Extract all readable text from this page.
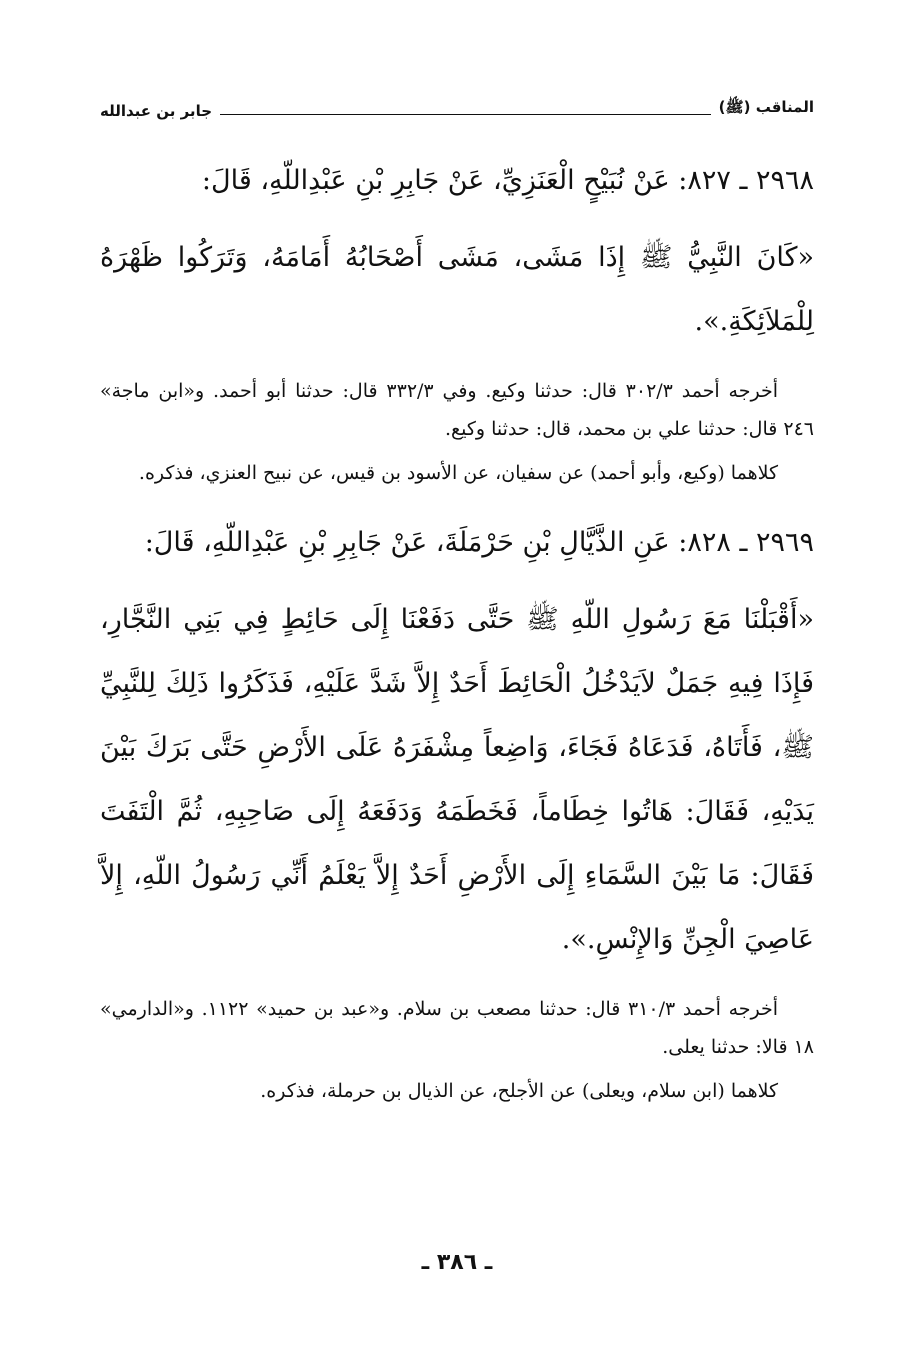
المناقب (ﷺ)
جابر بن عبدالله

٢٩٦٨ ـ ٨٢٧: عَنْ نُبَيْحٍ الْعَنَزِيِّ، عَنْ جَابِرِ بْنِ عَبْدِاللّهِ، قَالَ:

«كَانَ النَّبِيُّ ﷺ إِذَا مَشَى، مَشَى أَصْحَابُهُ أَمَامَهُ، وَتَرَكُوا ظَهْرَهُ لِلْمَلاَئِكَةِ.».

أخرجه أحمد ٣٠٢/٣ قال: حدثنا وكيع. وفي ٣٣٢/٣ قال: حدثنا أبو أحمد. و«ابن ماجة» ٢٤٦ قال: حدثنا علي بن محمد، قال: حدثنا وكيع.

كلاهما (وكيع، وأبو أحمد) عن سفيان، عن الأسود بن قيس، عن نبيح العنزي، فذكره.

٢٩٦٩ ـ ٨٢٨: عَنِ الذَّيَّالِ بْنِ حَرْمَلَةَ، عَنْ جَابِرِ بْنِ عَبْدِاللّهِ، قَالَ:

«أَقْبَلْنَا مَعَ رَسُولِ اللّهِ ﷺ حَتَّى دَفَعْنَا إِلَى حَائِطٍ فِي بَنِي النَّجَّارِ، فَإِذَا فِيهِ جَمَلٌ لاَيَدْخُلُ الْحَائِطَ أَحَدٌ إِلاَّ شَدَّ عَلَيْهِ، فَذَكَرُوا ذَلِكَ لِلنَّبِيِّ ﷺ، فَأَتَاهُ، فَدَعَاهُ فَجَاءَ، وَاضِعاً مِشْفَرَهُ عَلَى الأَرْضِ حَتَّى بَرَكَ بَيْنَ يَدَيْهِ، فَقَالَ: هَاتُوا خِطَاماً، فَخَطَمَهُ وَدَفَعَهُ إِلَى صَاحِبِهِ، ثُمَّ الْتَفَتَ فَقَالَ: مَا بَيْنَ السَّمَاءِ إِلَى الأَرْضِ أَحَدٌ إِلاَّ يَعْلَمُ أَنِّي رَسُولُ اللّهِ، إِلاَّ عَاصِيَ الْجِنِّ وَالإِنْسِ.».

أخرجه أحمد ٣١٠/٣ قال: حدثنا مصعب بن سلام. و«عبد بن حميد» ١١٢٢. و«الدارمي» ١٨ قالا: حدثنا يعلى.

كلاهما (ابن سلام، ويعلى) عن الأجلح، عن الذيال بن حرملة، فذكره.

ـ ٣٨٦ ـ
